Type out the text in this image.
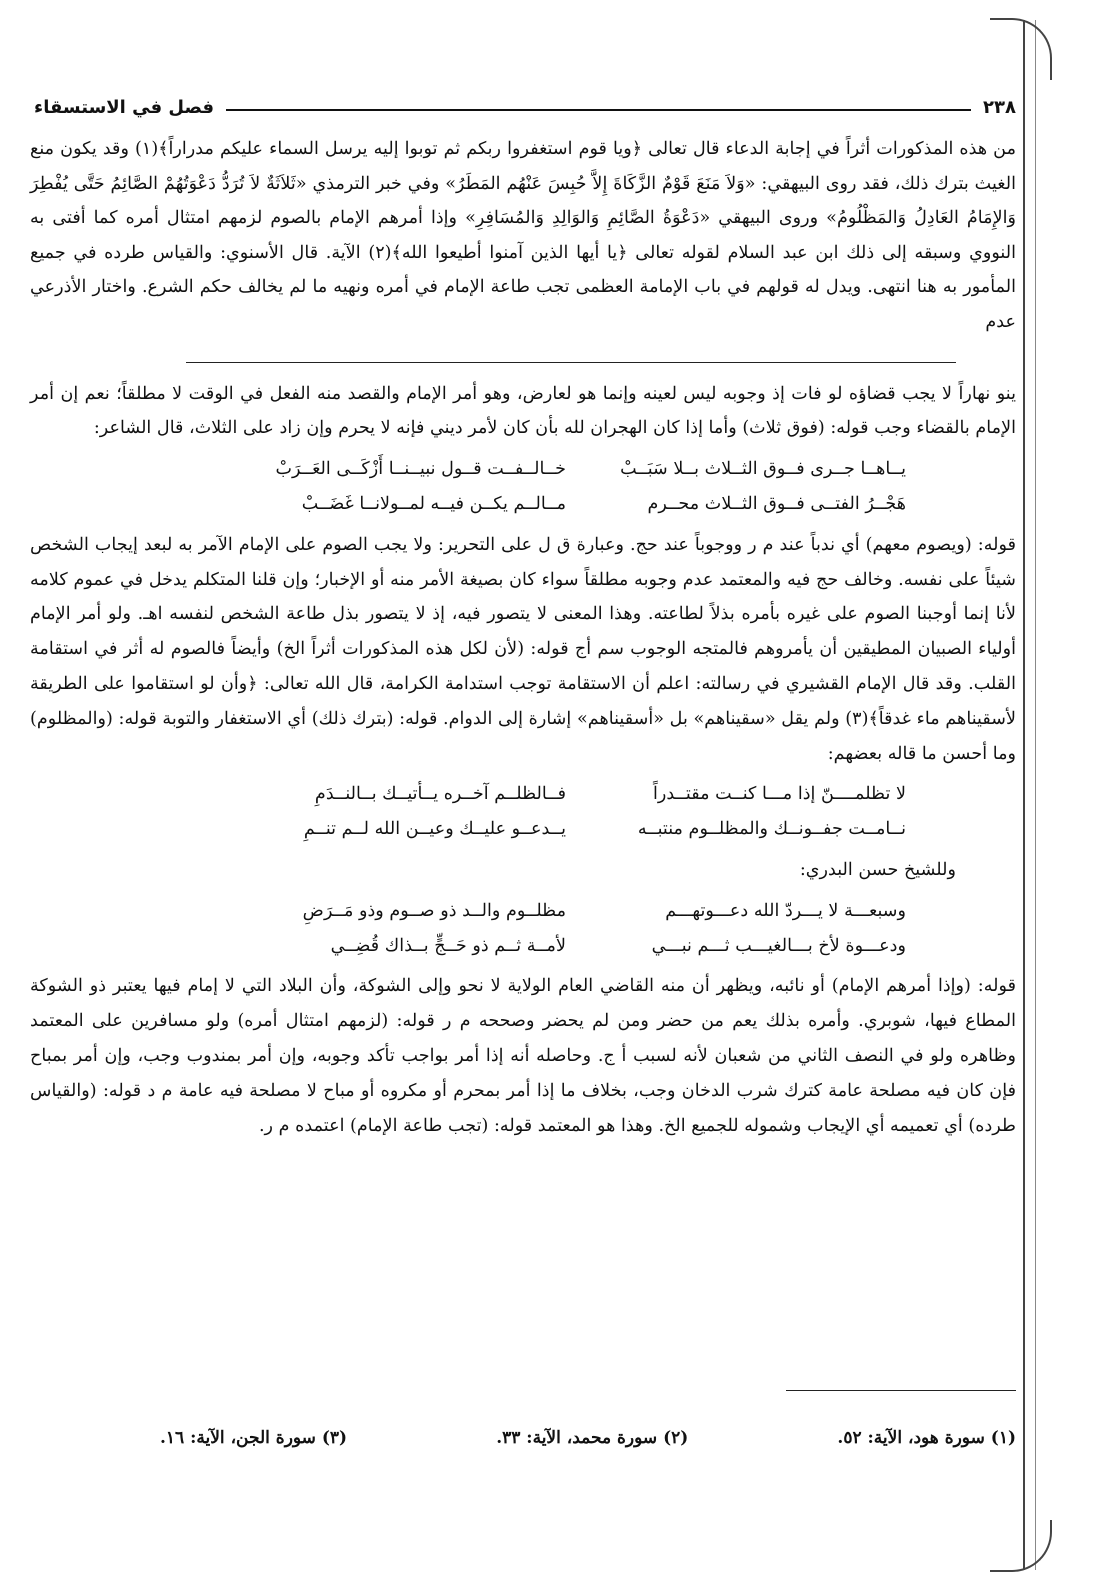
٢٣٨
فصل في الاستسقاء

من هذه المذكورات أثراً في إجابة الدعاء قال تعالى ﴿ويا قوم استغفروا ربكم ثم توبوا إليه يرسل السماء عليكم مدراراً﴾(١) وقد يكون منع الغيث بترك ذلك، فقد روى البيهقي: «وَلاَ مَنَعَ قَوْمٌ الزَّكَاةَ إِلاَّ حُبِسَ عَنْهُم المَطَرُ» وفي خبر الترمذي «ثَلاَثَةٌ لاَ تُرَدُّ دَعْوَتُهُمْ الصَّائِمُ حَتَّى يُفْطِرَ وَالإِمَامُ العَادِلُ وَالمَظْلُومُ» وروى البيهقي «دَعْوَةُ الصَّائِمِ وَالوَالِدِ وَالمُسَافِرِ» وإذا أمرهم الإمام بالصوم لزمهم امتثال أمره كما أفتى به النووي وسبقه إلى ذلك ابن عبد السلام لقوله تعالى ﴿يا أيها الذين آمنوا أطيعوا الله﴾(٢) الآية. قال الأسنوي: والقياس طرده في جميع المأمور به هنا انتهى. ويدل له قولهم في باب الإمامة العظمى تجب طاعة الإمام في أمره ونهيه ما لم يخالف حكم الشرع. واختار الأذرعي عدم

ينو نهاراً لا يجب قضاؤه لو فات إذ وجوبه ليس لعينه وإنما هو لعارض، وهو أمر الإمام والقصد منه الفعل في الوقت لا مطلقاً؛ نعم إن أمر الإمام بالقضاء وجب قوله: (فوق ثلاث) وأما إذا كان الهجران لله بأن كان لأمر ديني فإنه لا يحرم وإن زاد على الثلاث، قال الشاعر:

يــاهــا جــرى فــوق الثــلاث بــلا سَبَــبْ
خــالــفــت قــول نبيــنــا أَزْكَــى العَــرَبْ
هَجْــرُ الفتــى فــوق الثــلاث محــرم
مــالــم يكــن فيــه لمــولانــا غَضَــبْ

قوله: (ويصوم معهم) أي ندباً عند م ر ووجوباً عند حج. وعبارة ق ل على التحرير: ولا يجب الصوم على الإمام الآمر به لبعد إيجاب الشخص شيئاً على نفسه. وخالف حج فيه والمعتمد عدم وجوبه مطلقاً سواء كان بصيغة الأمر منه أو الإخبار؛ وإن قلنا المتكلم يدخل في عموم كلامه لأنا إنما أوجبنا الصوم على غيره بأمره بذلاً لطاعته. وهذا المعنى لا يتصور فيه، إذ لا يتصور بذل طاعة الشخص لنفسه اهـ. ولو أمر الإمام أولياء الصبيان المطيقين أن يأمروهم فالمتجه الوجوب سم أج قوله: (لأن لكل هذه المذكورات أثراً الخ) وأيضاً فالصوم له أثر في استقامة القلب. وقد قال الإمام القشيري في رسالته: اعلم أن الاستقامة توجب استدامة الكرامة، قال الله تعالى: ﴿وأن لو استقاموا على الطريقة لأسقيناهم ماء غدقاً﴾(٣) ولم يقل «سقيناهم» بل «أسقيناهم» إشارة إلى الدوام. قوله: (بترك ذلك) أي الاستغفار والتوبة قوله: (والمظلوم) وما أحسن ما قاله بعضهم:

لا تظلمــــنّ إذا مـــا كنــت مقتــدراً
فــالظلــم آخــره يــأتيــك بــالنــدَمِ
نــامــت جفــونــك والمظلــوم منتبــه
يــدعــو عليــك وعيــن الله لــم تنــمِ

وللشيخ حسن البدري:

وسبعـــة لا يـــردّ الله دعـــوتهـــم
مظلــوم والــد ذو صــوم وذو مَــرَضِ
ودعـــوة لأخ بـــالغيـــب ثـــم نبـــي
لأمــة ثــم ذو حَــجٍّ بــذاك قُضِــي

قوله: (وإذا أمرهم الإمام) أو نائبه، ويظهر أن منه القاضي العام الولاية لا نحو وإلى الشوكة، وأن البلاد التي لا إمام فيها يعتبر ذو الشوكة المطاع فيها، شوبري. وأمره بذلك يعم من حضر ومن لم يحضر وصححه م ر قوله: (لزمهم امتثال أمره) ولو مسافرين على المعتمد وظاهره ولو في النصف الثاني من شعبان لأنه لسبب أ ج. وحاصله أنه إذا أمر بواجب تأكد وجوبه، وإن أمر بمندوب وجب، وإن أمر بمباح فإن كان فيه مصلحة عامة كترك شرب الدخان وجب، بخلاف ما إذا أمر بمحرم أو مكروه أو مباح لا مصلحة فيه عامة م د قوله: (والقياس طرده) أي تعميمه أي الإيجاب وشموله للجميع الخ. وهذا هو المعتمد قوله: (تجب طاعة الإمام) اعتمده م ر.

(١) سورة هود، الآية: ٥٢.
(٢) سورة محمد، الآية: ٣٣.
(٣) سورة الجن، الآية: ١٦.
